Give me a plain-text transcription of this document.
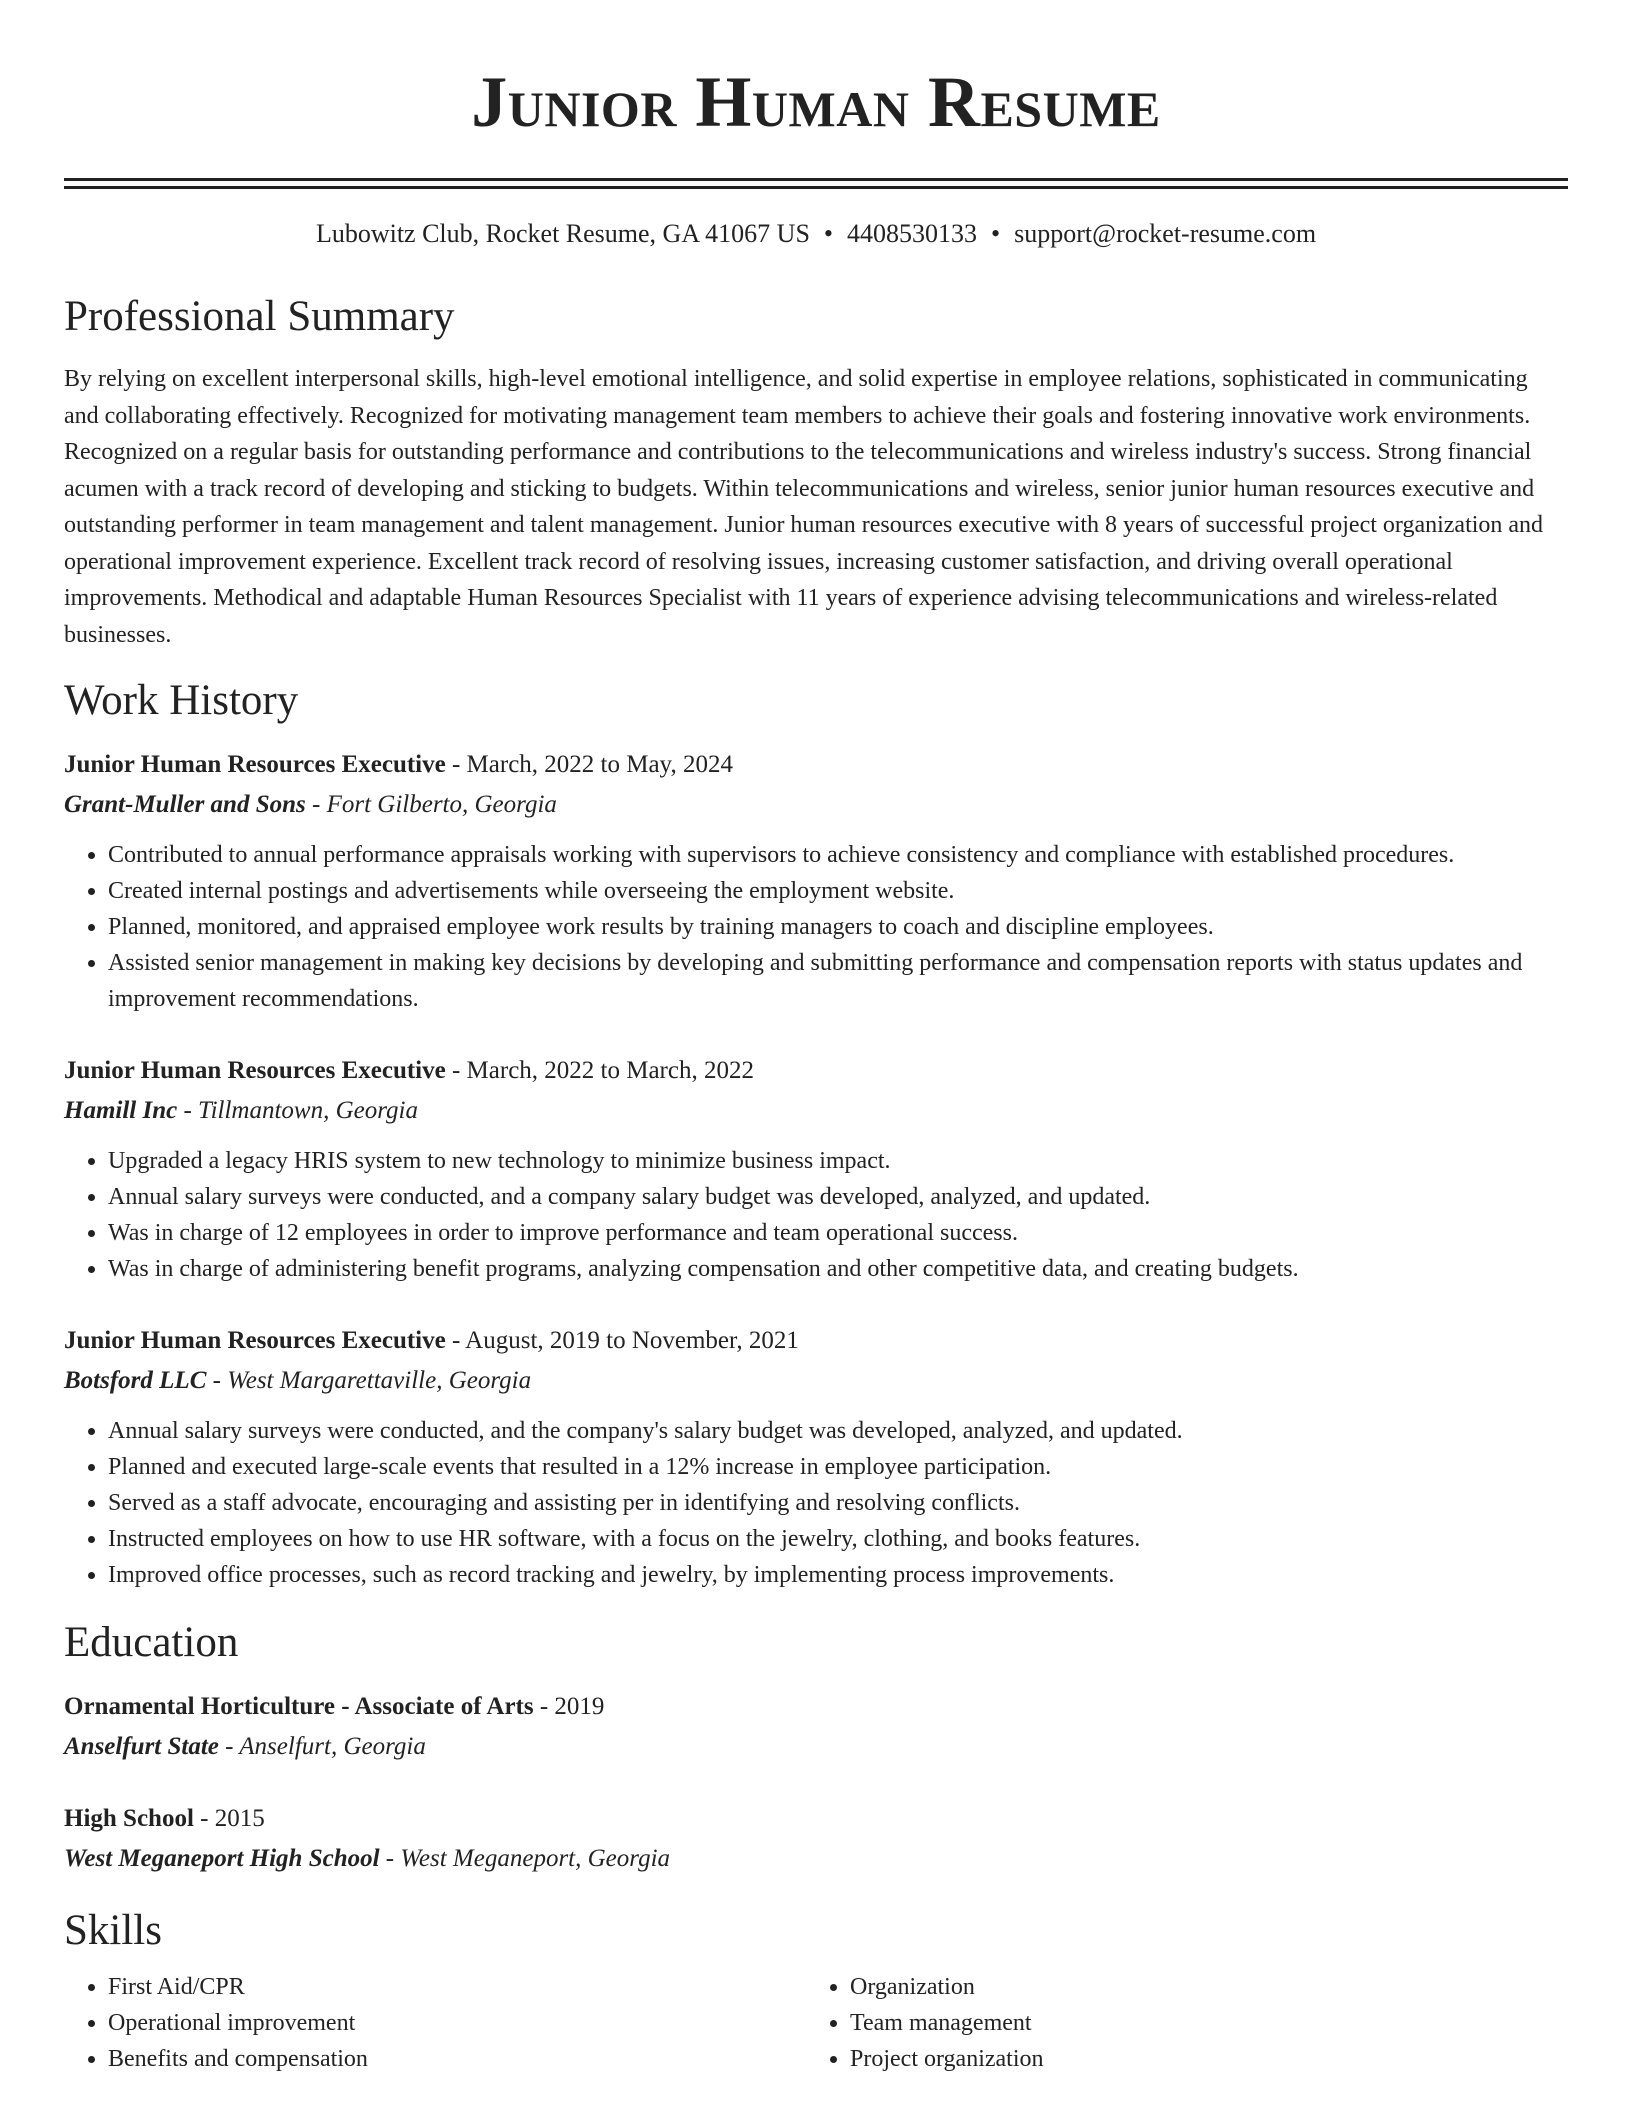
Junior Human Resume
Lubowitz Club, Rocket Resume, GA 41067 US • 4408530133 • support@rocket-resume.com
Professional Summary

By relying on excellent interpersonal skills, high-level emotional intelligence, and solid expertise in employee relations, sophisticated in communicating and collaborating effectively. Recognized for motivating management team members to achieve their goals and fostering innovative work environments. Recognized on a regular basis for outstanding performance and contributions to the telecommunications and wireless industry's success. Strong financial acumen with a track record of developing and sticking to budgets. Within telecommunications and wireless, senior junior human resources executive and outstanding performer in team management and talent management. Junior human resources executive with 8 years of successful project organization and operational improvement experience. Excellent track record of resolving issues, increasing customer satisfaction, and driving overall operational improvements. Methodical and adaptable Human Resources Specialist with 11 years of experience advising telecommunications and wireless-related businesses.

Work History
Junior Human Resources Executive - March, 2022 to May, 2024
Grant-Muller and Sons - Fort Gilberto, Georgia
• Contributed to annual performance appraisals working with supervisors to achieve consistency and compliance with established procedures.
• Created internal postings and advertisements while overseeing the employment website.
• Planned, monitored, and appraised employee work results by training managers to coach and discipline employees.
• Assisted senior management in making key decisions by developing and submitting performance and compensation reports with status updates and improvement recommendations.
Junior Human Resources Executive - March, 2022 to March, 2022
Hamill Inc - Tillmantown, Georgia
• Upgraded a legacy HRIS system to new technology to minimize business impact.
• Annual salary surveys were conducted, and a company salary budget was developed, analyzed, and updated.
• Was in charge of 12 employees in order to improve performance and team operational success.
• Was in charge of administering benefit programs, analyzing compensation and other competitive data, and creating budgets.
Junior Human Resources Executive - August, 2019 to November, 2021
Botsford LLC - West Margarettaville, Georgia
• Annual salary surveys were conducted, and the company's salary budget was developed, analyzed, and updated.
• Planned and executed large-scale events that resulted in a 12% increase in employee participation.
• Served as a staff advocate, encouraging and assisting per in identifying and resolving conflicts.
• Instructed employees on how to use HR software, with a focus on the jewelry, clothing, and books features.
• Improved office processes, such as record tracking and jewelry, by implementing process improvements.
Education
Ornamental Horticulture - Associate of Arts - 2019
Anselfurt State - Anselfurt, Georgia
High School - 2015
West Meganeport High School - West Meganeport, Georgia
Skills
• First Aid/CPR
• Operational improvement
• Benefits and compensation
• Organization
• Team management
• Project organization
